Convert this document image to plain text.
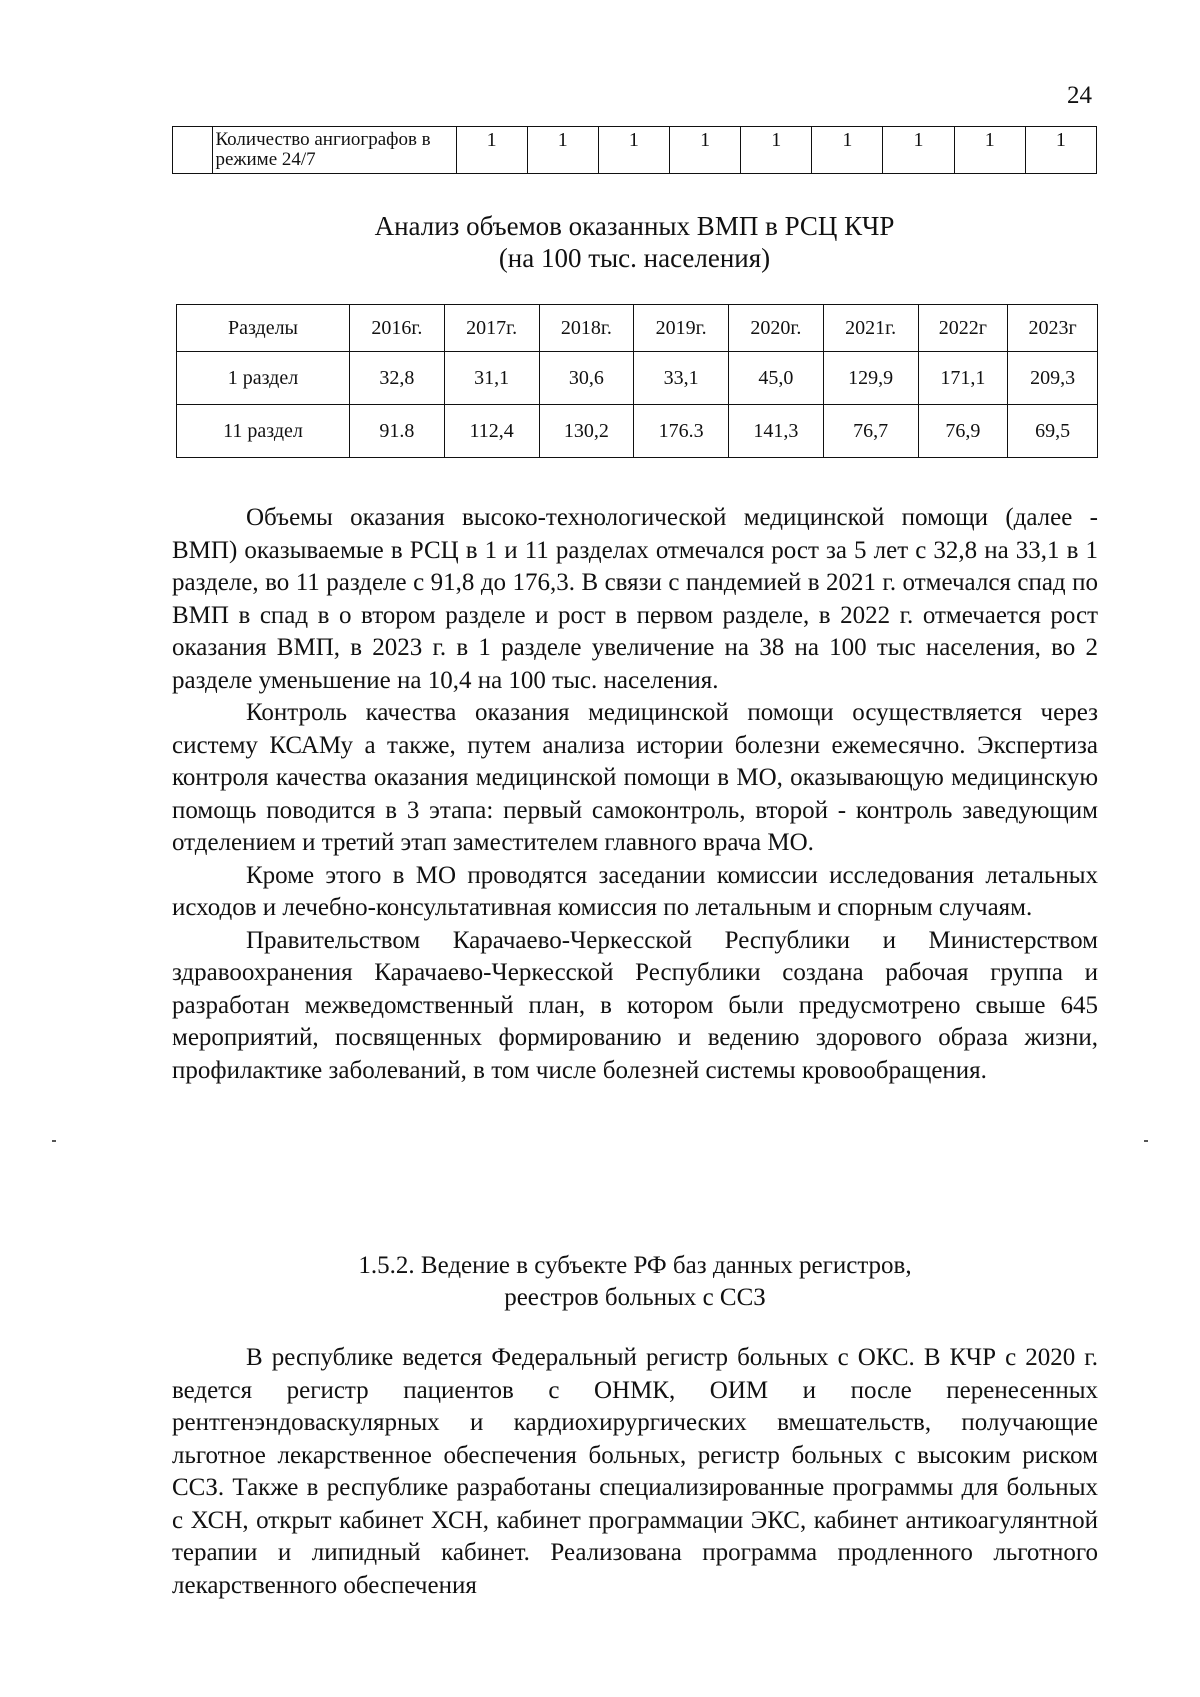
24
	Количество ангиографов в режиме 24/7	1	1	1	1	1	1	1	1	1
Анализ объемов оказанных ВМП в РСЦ КЧР
(на 100 тыс. населения)
Разделы	2016г.	2017г.	2018г.	2019г.	2020г.	2021г.	2022г	2023г
1 раздел	32,8	31,1	30,6	33,1	45,0	129,9	171,1	209,3
11 раздел	91.8	112,4	130,2	176.3	141,3	76,7	76,9	69,5

Объемы оказания высоко-технологической медицинской помощи (далее - ВМП) оказываемые в РСЦ в 1 и 11 разделах отмечался рост за 5 лет с 32,8 на 33,1 в 1 разделе, во 11 разделе с 91,8 до 176,3. В связи с пандемией в 2021 г. отмечался спад по ВМП в спад в о втором разделе и рост в первом разделе, в 2022 г. отмечается рост оказания ВМП, в 2023 г. в 1 разделе увеличение на 38 на 100 тыс населения, во 2 разделе уменьшение на 10,4 на 100 тыс. населения.

Контроль качества оказания медицинской помощи осуществляется через систему КСАМу а также, путем анализа истории болезни ежемесячно. Экспертиза контроля качества оказания медицинской помощи в МО, оказывающую медицинскую помощь поводится в 3 этапа: первый самоконтроль, второй - контроль заведующим отделением и третий этап заместителем главного врача МО.

Кроме этого в МО проводятся заседании комиссии исследования летальных исходов и лечебно-консультативная комиссия по летальным и спорным случаям.

Правительством Карачаево-Черкесской Республики и Министерством здравоохранения Карачаево-Черкесской Республики создана рабочая группа и разработан межведомственный план, в котором были предусмотрено свыше 645 мероприятий, посвященных формированию и ведению здорового образа жизни, профилактике заболеваний, в том числе болезней системы кровообращения.

1.5.2. Ведение в субъекте РФ баз данных регистров,
реестров больных с ССЗ

В республике ведется Федеральный регистр больных с ОКС. В КЧР с 2020 г. ведется регистр пациентов с ОНМК, ОИМ и после перенесенных рентгенэндоваскулярных и кардиохирургических вмешательств, получающие льготное лекарственное обеспечения больных, регистр больных с высоким риском ССЗ. Также в республике разработаны специализированные программы для больных с ХСН, открыт кабинет ХСН, кабинет программации ЭКС, кабинет антикоагулянтной терапии и липидный кабинет. Реализована программа продленного льготного лекарственного обеспечения
